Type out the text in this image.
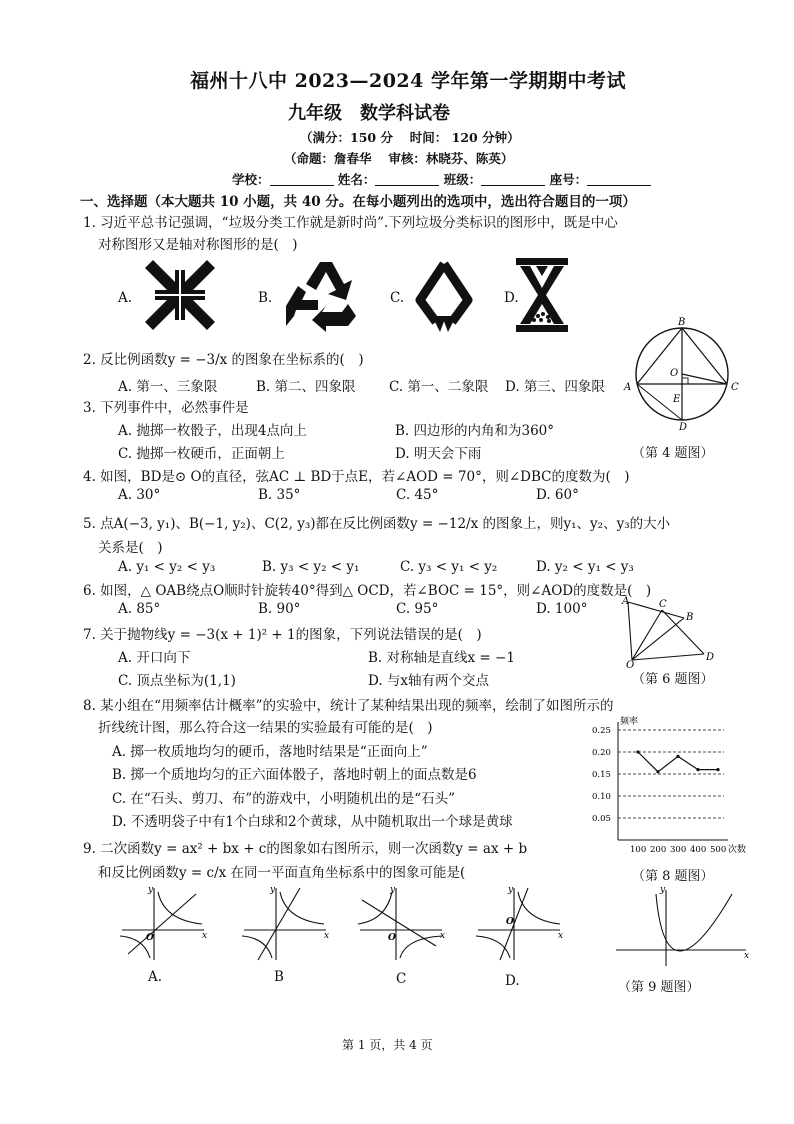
福州十八中 2023—2024 学年第一学期期中考试
九年级　数学科试卷
（满分：150 分　 时间： 120 分钟）
（命题：詹春华　 审核：林晓芬、陈英）
学校：	姓名：	班级：	座号：
一、选择题（本大题共 10 小题，共 40 分。在每小题列出的选项中，选出符合题目的一项）
1. 习近平总书记强调，“垃圾分类工作就是新时尚”.下列垃圾分类标识的图形中，既是中心
对称图形又是轴对称图形的是(　)
A.	B.	C.	D.
2. 反比例函数y = −3/x 的图象在坐标系的(　)
A. 第一、三象限	B. 第二、四象限 C. 第一、二象限 D. 第三、四象限
B
A
O
E
C
D
（第 4 题图）
3. 下列事件中，必然事件是
A. 抛掷一枚骰子，出现4点向上	B. 四边形的内角和为360°
C. 抛掷一枚硬币，正面朝上	D. 明天会下雨
4. 如图，BD是⊙ O的直径，弦AC ⊥ BD于点E，若∠AOD = 70°，则∠DBC的度数为(　)
A. 30°	B. 35°	C. 45°	D. 60°
5. 点A(−3, y₁)、B(−1, y₂)、C(2, y₃)都在反比例函数y = −12/x 的图象上，则y₁、y₂、y₃的大小
关系是(　)
A. y₁ < y₂ < y₃	B. y₃ < y₂ < y₁	C. y₃ < y₁ < y₂	D. y₂ < y₁ < y₃
6. 如图，△ OAB绕点O顺时针旋转40°得到△ OCD，若∠BOC = 15°，则∠AOD的度数是(　)
A. 85°	B. 90°	C. 95°	D. 100°	A	C
B
O
D
（第 6 题图）
7. 关于抛物线y = −3(x + 1)² + 1的图象，下列说法错误的是(　)
A. 开口向下	B. 对称轴是直线x = −1
C. 顶点坐标为(1,1)	D. 与x轴有两个交点
8. 某小组在“用频率估计概率”的实验中，统计了某种结果出现的频率，绘制了如图所示的
折线统计图，那么符合这一结果的实验最有可能的是(　)
A. 掷一枚质地均匀的硬币，落地时结果是“正面向上”
B. 掷一个质地均匀的正六面体骰子，落地时朝上的面点数是6
C. 在“石头、剪刀、布”的游戏中，小明随机出的是“石头”
D. 不透明袋子中有1个白球和2个黄球，从中随机取出一个球是黄球
频率
次数
0.25
0.20
0.15
0.10
0.05
100 200 300 400 500
（第 8 题图）
9. 二次函数y = ax² + bx + c的图象如右图所示，则一次函数y = ax + b
和反比例函数y = c/x 在同一平面直角坐标系中的图象可能是(
y
x
O
A.
y
x
B
y
x
O
C
y
x
O
D.
y
x
（第 9 题图）
第 1 页，共 4 页
